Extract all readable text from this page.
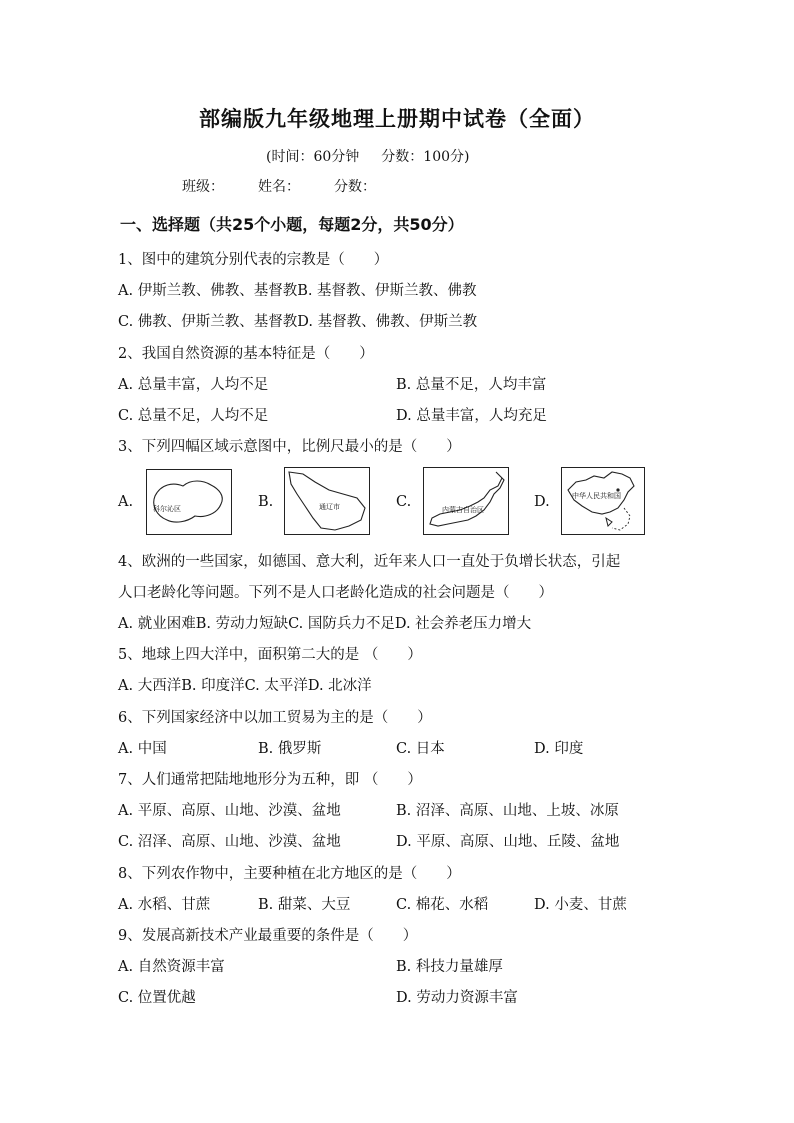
部编版九年级地理上册期中试卷（全面）
(时间：60分钟 分数：100分)
班级： 姓名： 分数：
一、选择题（共25个小题，每题2分，共50分）
1、图中的建筑分别代表的宗教是（　　）
A. 伊斯兰教、佛教、基督教B. 基督教、伊斯兰教、佛教
C. 佛教、伊斯兰教、基督教D. 基督教、佛教、伊斯兰教
2、我国自然资源的基本特征是（　　）
A. 总量丰富，人均不足	B. 总量不足，人均丰富
C. 总量不足，人均不足	D. 总量丰富，人均充足
3、下列四幅区域示意图中，比例尺最小的是（　　）
A.	科尔沁区	B.	通辽市	C.	内蒙古自治区	D.	中华人民共和国
4、欧洲的一些国家，如德国、意大利，近年来人口一直处于负增长状态，引起
人口老龄化等问题。下列不是人口老龄化造成的社会问题是（　　）
A. 就业困难B. 劳动力短缺C. 国防兵力不足D. 社会养老压力增大
5、地球上四大洋中，面积第二大的是 （　　）
A. 大西洋B. 印度洋C. 太平洋D. 北冰洋
6、下列国家经济中以加工贸易为主的是（　　）
A. 中国	B. 俄罗斯	C. 日本	D. 印度
7、人们通常把陆地地形分为五种，即 （　　）
A. 平原、高原、山地、沙漠、盆地	B. 沼泽、高原、山地、上坡、冰原
C. 沼泽、高原、山地、沙漠、盆地	D. 平原、高原、山地、丘陵、盆地
8、下列农作物中，主要种植在北方地区的是（　　）
A. 水稻、甘蔗	B. 甜菜、大豆	C. 棉花、水稻	D. 小麦、甘蔗
9、发展高新技术产业最重要的条件是（　　）
A. 自然资源丰富	B. 科技力量雄厚
C. 位置优越	D. 劳动力资源丰富
